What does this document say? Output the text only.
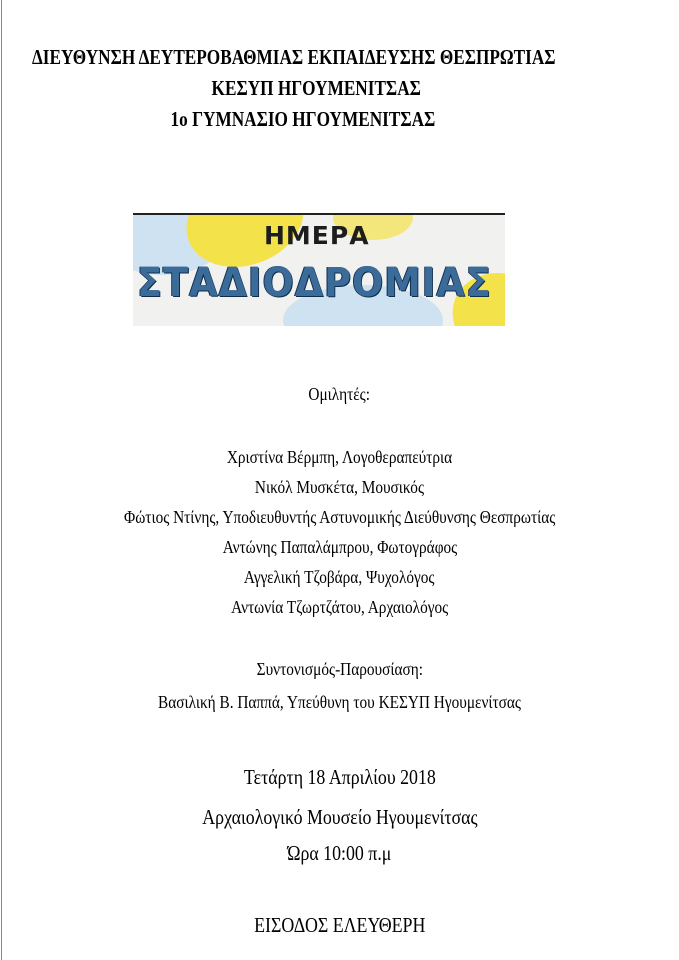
ΔΙΕΥΘΥΝΣΗ ΔΕΥΤΕΡΟΒΑΘΜΙΑΣ ΕΚΠΑΙΔΕΥΣΗΣ ΘΕΣΠΡΩΤΙΑΣ
ΚΕΣΥΠ ΗΓΟΥΜΕΝΙΤΣΑΣ
1ο ΓΥΜΝΑΣΙΟ ΗΓΟΥΜΕΝΙΤΣΑΣ
ΗΜΕΡΑ
ΣΤΑΔΙΟΔΡΟΜΙΑΣ
Ομιλητές:
Χριστίνα Βέρμπη, Λογοθεραπεύτρια
Νικόλ Μυσκέτα, Μουσικός
Φώτιος Ντίνης, Υποδιευθυντής Αστυνομικής Διεύθυνσης Θεσπρωτίας
Αντώνης Παπαλάμπρου, Φωτογράφος
Αγγελική Τζοβάρα, Ψυχολόγος
Αντωνία Τζωρτζάτου, Αρχαιολόγος
Συντονισμός-Παρουσίαση:
Βασιλική Β. Παππά, Υπεύθυνη του ΚΕΣΥΠ Ηγουμενίτσας
Τετάρτη 18 Απριλίου 2018
Αρχαιολογικό Μουσείο Ηγουμενίτσας
Ώρα 10:00 π.μ
ΕΙΣΟΔΟΣ ΕΛΕΥΘΕΡΗ
